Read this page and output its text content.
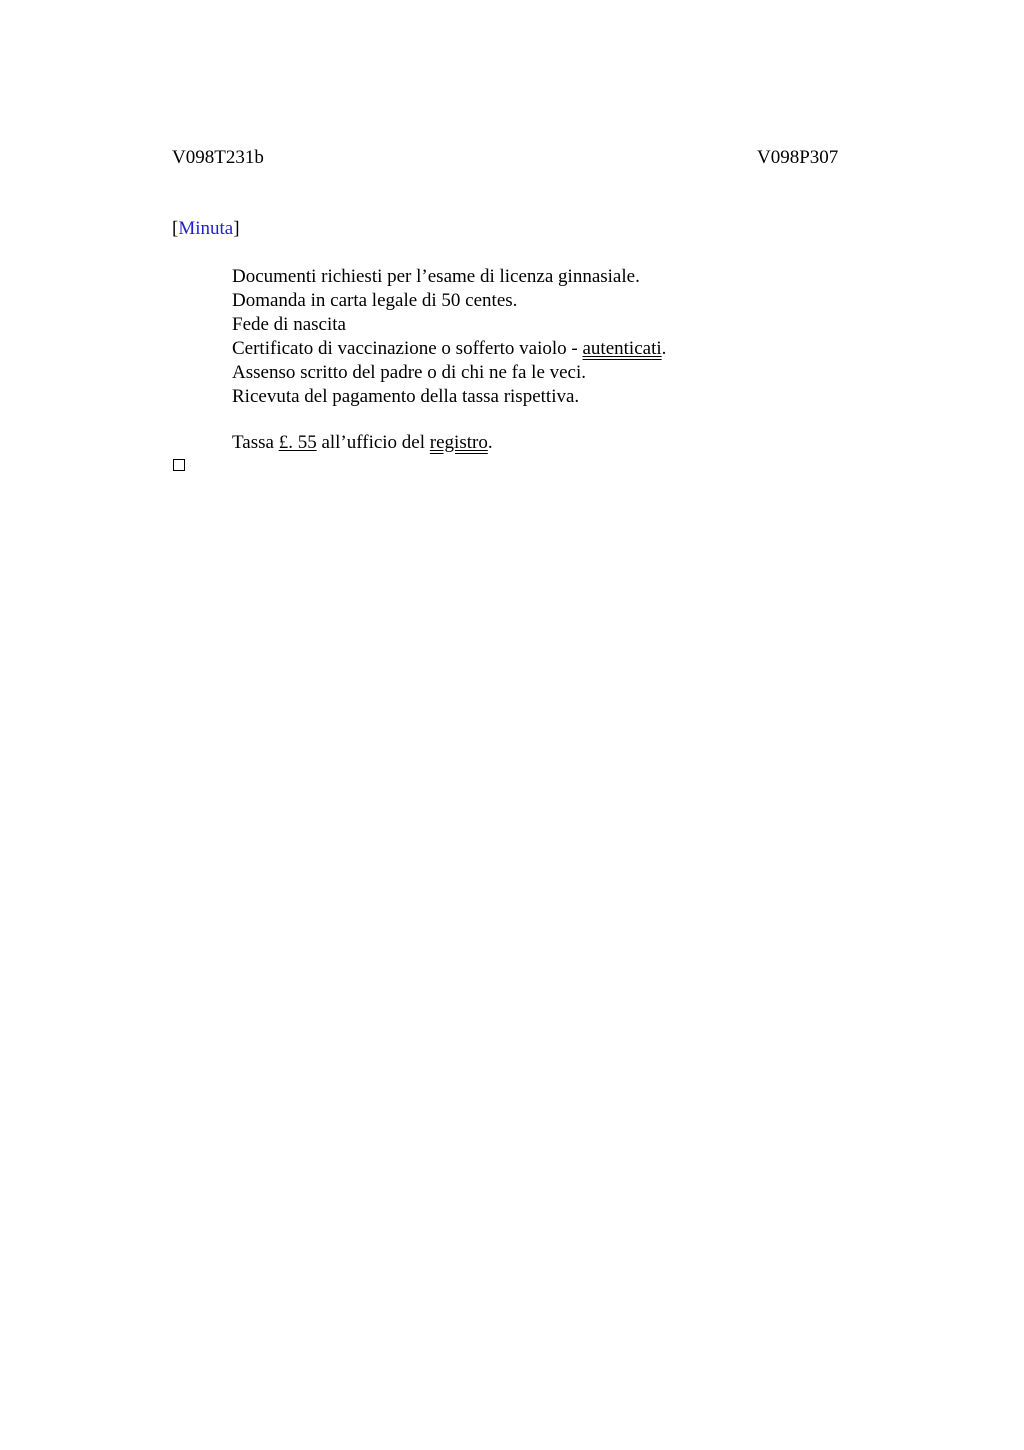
V098T231b	V098P307
[Minuta]
Documenti richiesti per l’esame di licenza ginnasiale.
Domanda in carta legale di 50 centes.
Fede di nascita
Certificato di vaccinazione o sofferto vaiolo - autenticati.
Assenso scritto del padre o di chi ne fa le veci.
Ricevuta del pagamento della tassa rispettiva.
Tassa £. 55 all’ufficio del registro.
